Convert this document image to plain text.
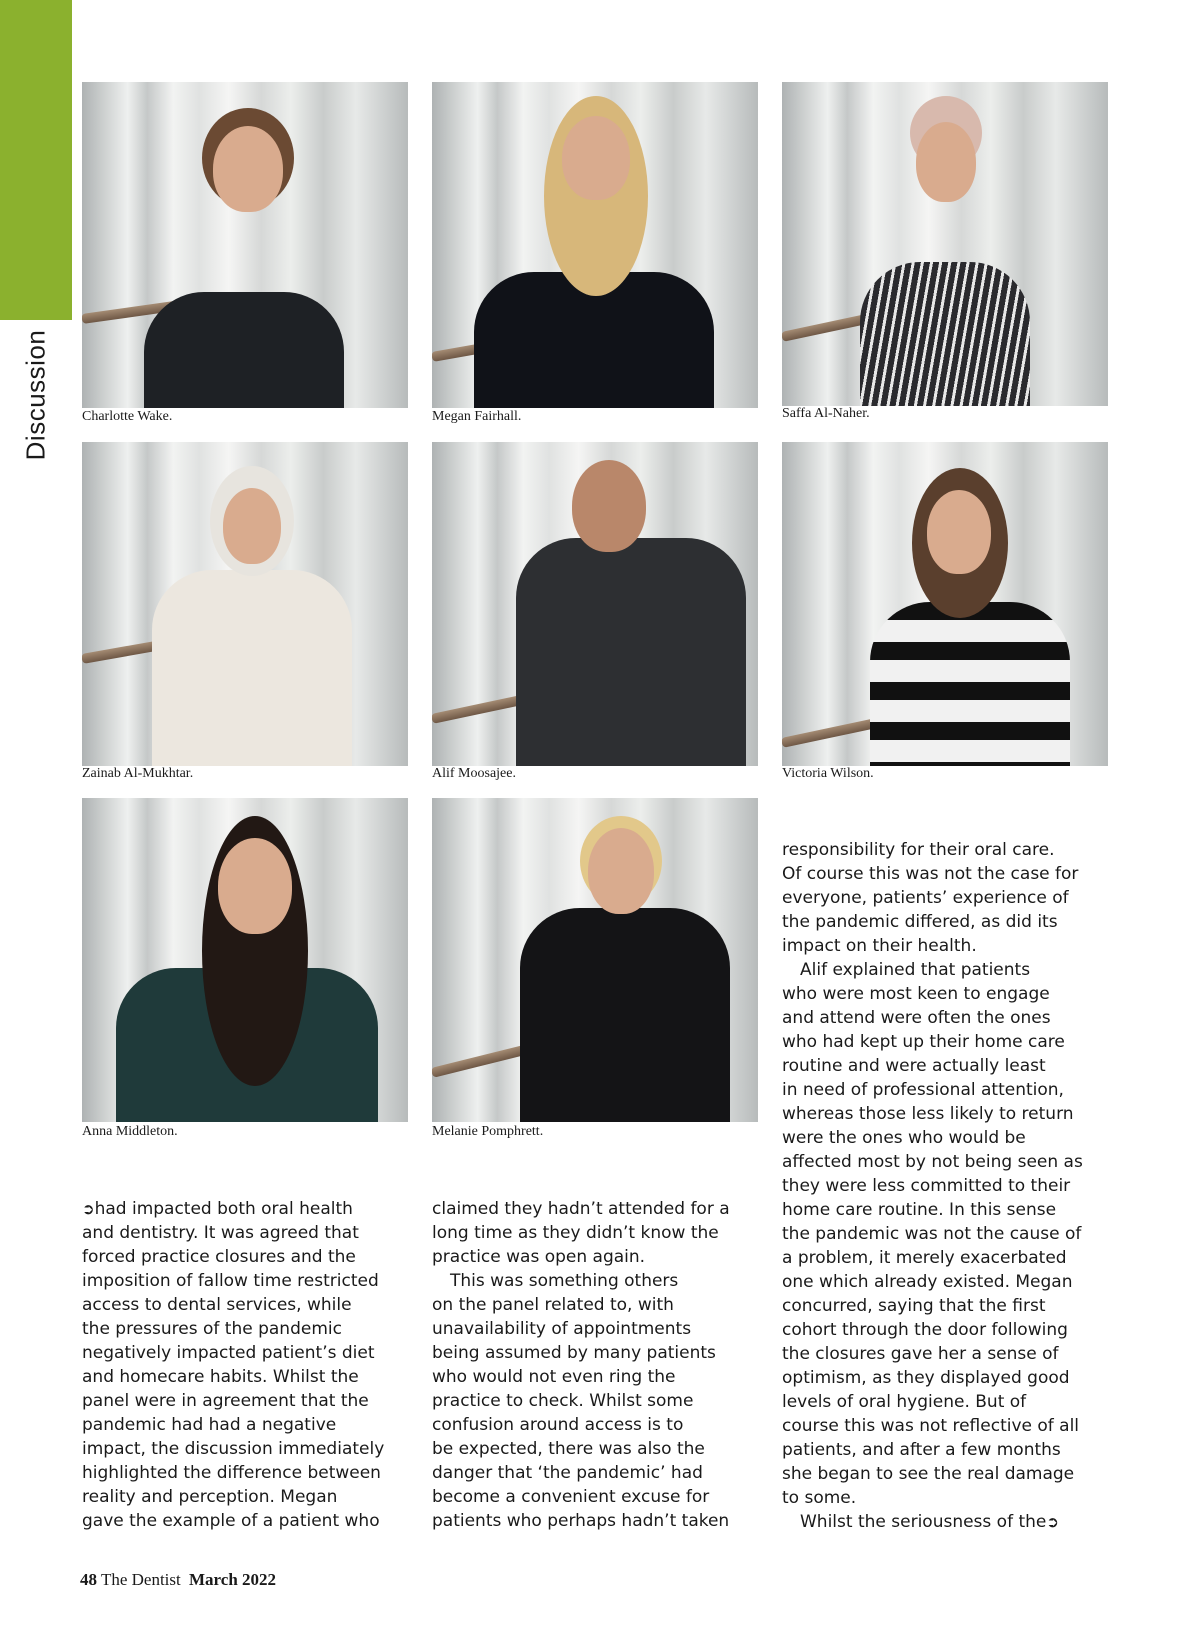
Discussion Charlotte Wake.	Megan Fairhall.	Saffa Al-Naher.
Zainab Al-Mukhtar.	Alif Moosajee.	Victoria Wilson.
Anna Middleton.	Melanie Pomphrett.
➲had impacted both oral health
and dentistry. It was agreed that
forced practice closures and the
imposition of fallow time restricted
access to dental services, while
the pressures of the pandemic
negatively impacted patient’s diet
and homecare habits. Whilst the
panel were in agreement that the
pandemic had had a negative
impact, the discussion immediately
highlighted the difference between
reality and perception. Megan
gave the example of a patient who
claimed they hadn’t attended for a
long time as they didn’t know the
practice was open again.
This was something others
on the panel related to, with
unavailability of appointments
being assumed by many patients
who would not even ring the
practice to check. Whilst some
confusion around access is to
be expected, there was also the
danger that ‘the pandemic’ had
become a convenient excuse for
patients who perhaps hadn’t taken
responsibility for their oral care.
Of course this was not the case for
everyone, patients’ experience of
the pandemic differed, as did its
impact on their health.
Alif explained that patients
who were most keen to engage
and attend were often the ones
who had kept up their home care
routine and were actually least
in need of professional attention,
whereas those less likely to return
were the ones who would be
affected most by not being seen as
they were less committed to their
home care routine. In this sense
the pandemic was not the cause of
a problem, it merely exacerbated
one which already existed. Megan
concurred, saying that the first
cohort through the door following
the closures gave her a sense of
optimism, as they displayed good
levels of oral hygiene. But of
course this was not reflective of all
patients, and after a few months
she began to see the real damage
to some.
Whilst the seriousness of the➲
48 The Dentist March 2022
